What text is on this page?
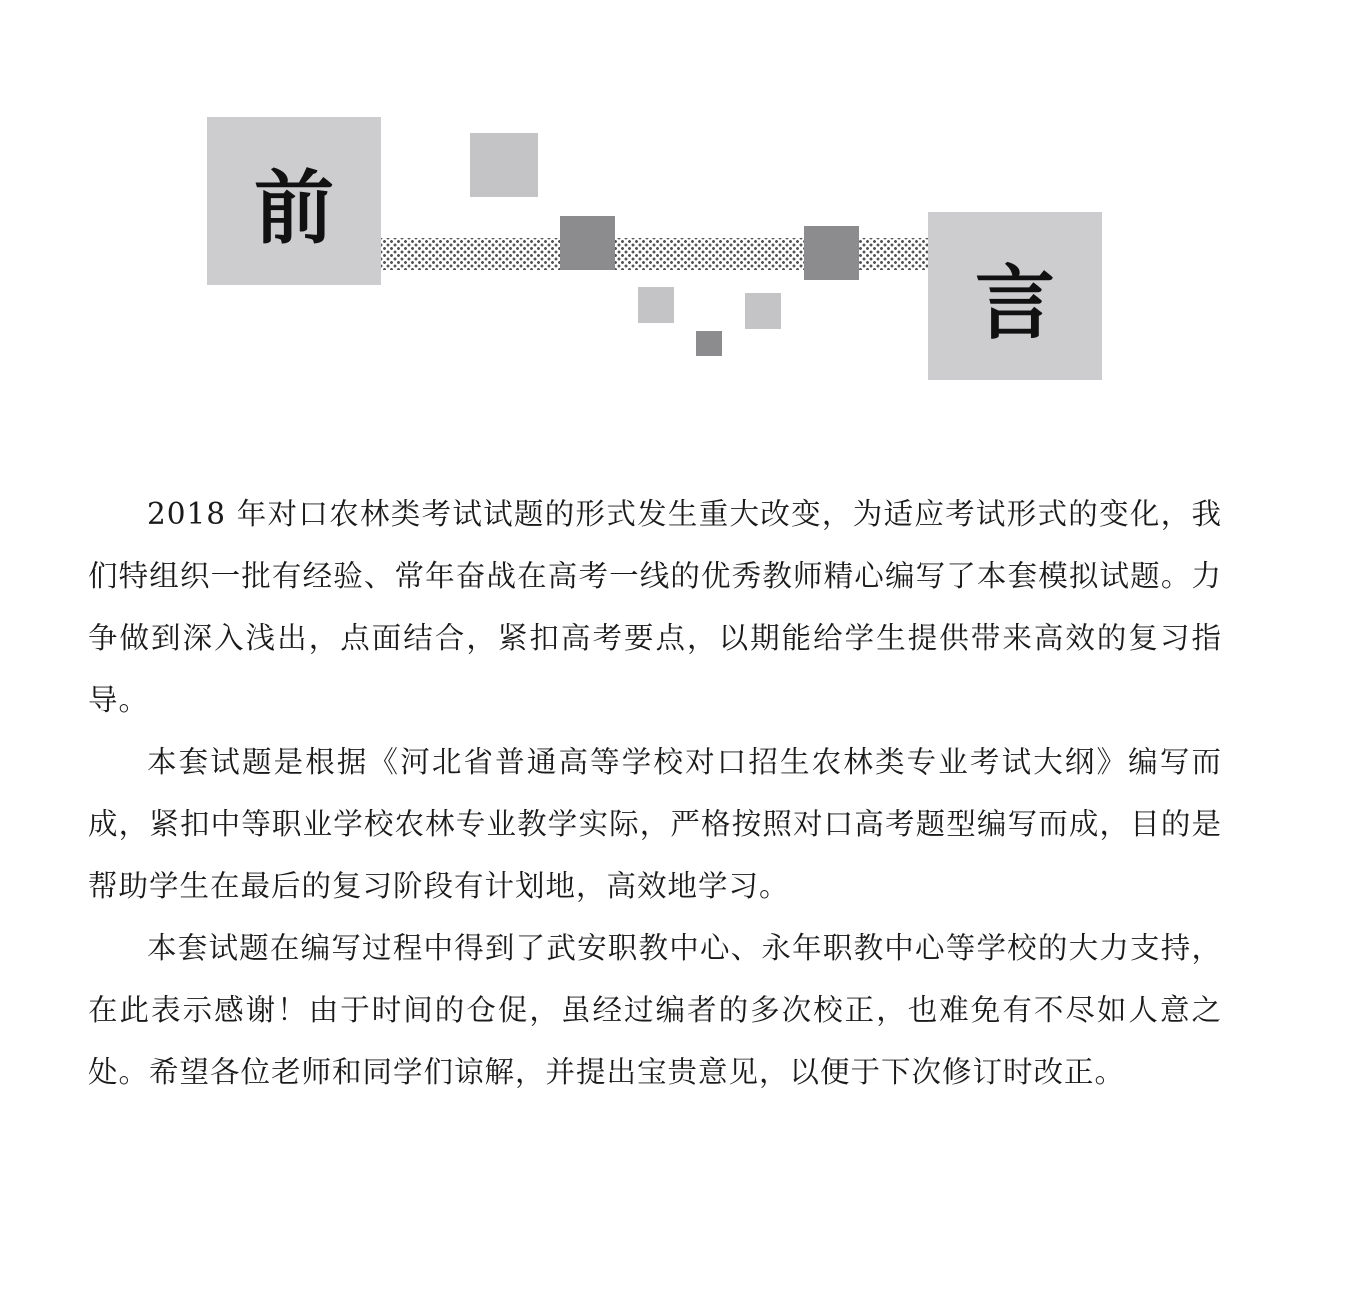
前
言

2018 年对口农林类考试试题的形式发生重大改变，为适应考试形式的变化，我们特组织一批有经验、常年奋战在高考一线的优秀教师精心编写了本套模拟试题。力争做到深入浅出，点面结合，紧扣高考要点，以期能给学生提供带来高效的复习指导。

本套试题是根据《河北省普通高等学校对口招生农林类专业考试大纲》编写而成，紧扣中等职业学校农林专业教学实际，严格按照对口高考题型编写而成，目的是帮助学生在最后的复习阶段有计划地，高效地学习。

本套试题在编写过程中得到了武安职教中心、永年职教中心等学校的大力支持，在此表示感谢！由于时间的仓促，虽经过编者的多次校正，也难免有不尽如人意之处。希望各位老师和同学们谅解，并提出宝贵意见，以便于下次修订时改正。
